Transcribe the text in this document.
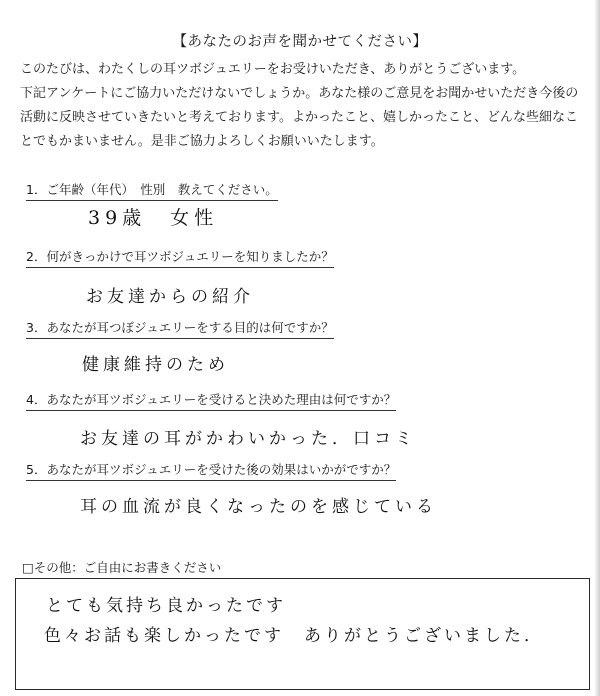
【あなたのお声を聞かせてください】

このたびは、わたくしの耳ツボジュエリーをお受けいただき、ありがとうございます。

下記アンケートにご協力いただけないでしょうか。あなた様のご意見をお聞かせいただき今後の

活動に反映させていきたいと考えております。よかったこと、嬉しかったこと、どんな些細なこ

とでもかまいません。是非ご協力よろしくお願いいたします。

1．ご年齢（年代）　性別　教えてください。
39歳　女性
2．何がきっかけで耳ツボジュエリーを知りましたか？
お友達からの紹介
3．あなたが耳つぼジュエリーをする目的は何ですか？
健康維持のため
4．あなたが耳ツボジュエリーを受けると決めた理由は何ですか？
お友達の耳がかわいかった．口コミ
5．あなたが耳ツボジュエリーを受けた後の効果はいかがですか？
耳の血流が良くなったのを感じている
□その他：ご自由にお書きください
とても気持ち良かったです
色々お話も楽しかったです　ありがとうございました．
